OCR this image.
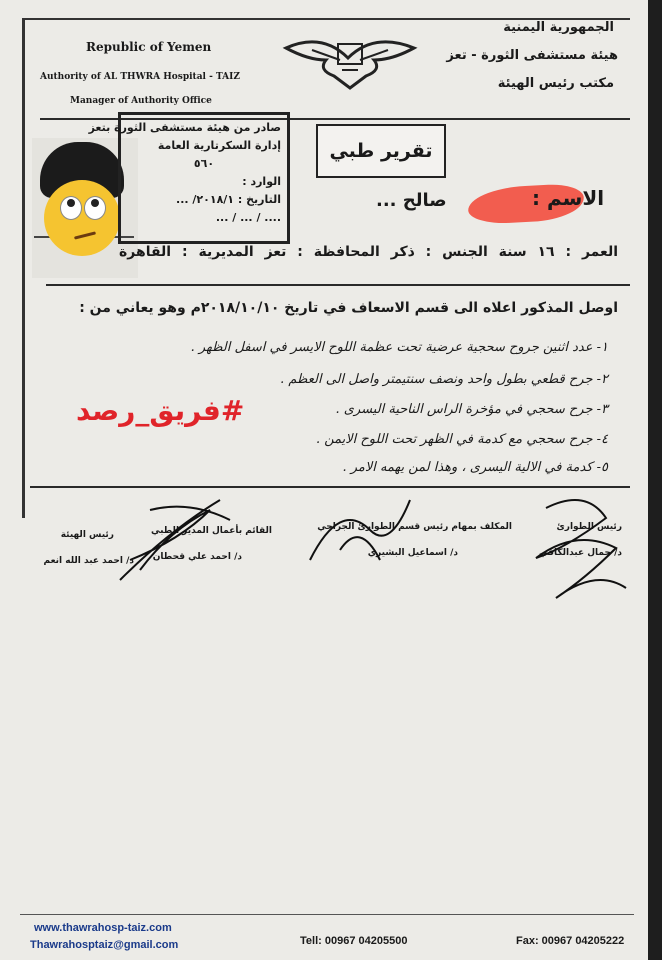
Republic of Yemen
Authority of AL THWRA Hospital - TAIZ
Manager of Authority Office
الجمهورية اليمنية
هيئة مستشفى الثورة - تعز
مكتب رئيس الهيئة
صادر من هيئة مستشفى الثورة بتعز
إدارة السكرتارية العامة
٥٦٠
الوارد :
التاريخ : ٢٠١٨/١/ ...
.... / ... / ...
تقرير طبي
الاسم :
صالح ...
العمر : ١٦ سنة الجنس : ذكر المحافظة : تعز المديرية : القاهرة
اوصل المذكور اعلاه الى قسم الاسعاف في تاريخ ٢٠١٨/١٠/١٠م وهو يعاني من :
١- عدد اثنين جروح سحجية عرضية تحت عظمة اللوح الايسر في اسفل الظهر .
٢- جرح قطعي بطول واحد ونصف سنتيمتر واصل الى العظم .
٣- جرح سحجي في مؤخرة الراس الناحية اليسرى .
٤- جرح سحجي مع كدمة في الظهر تحت اللوح الايمن .
٥- كدمة في الالية اليسرى ، وهذا لمن يهمه الامر .
#فريق_رصد
رئيس الطوارئ
د/ جمال عبدالكافي
المكلف بمهام رئيس قسم الطوارئ الجراحي
د/ اسماعيل البشيري
القائم بأعمال المدير الطبي
د/ احمد علي قحطان
رئيس الهيئة
د/ احمد عبد الله انعم
www.thawrahosp-taiz.com
Thawrahosptaiz@gmail.com	Tell: 00967 04205500	Fax: 00967 04205222
